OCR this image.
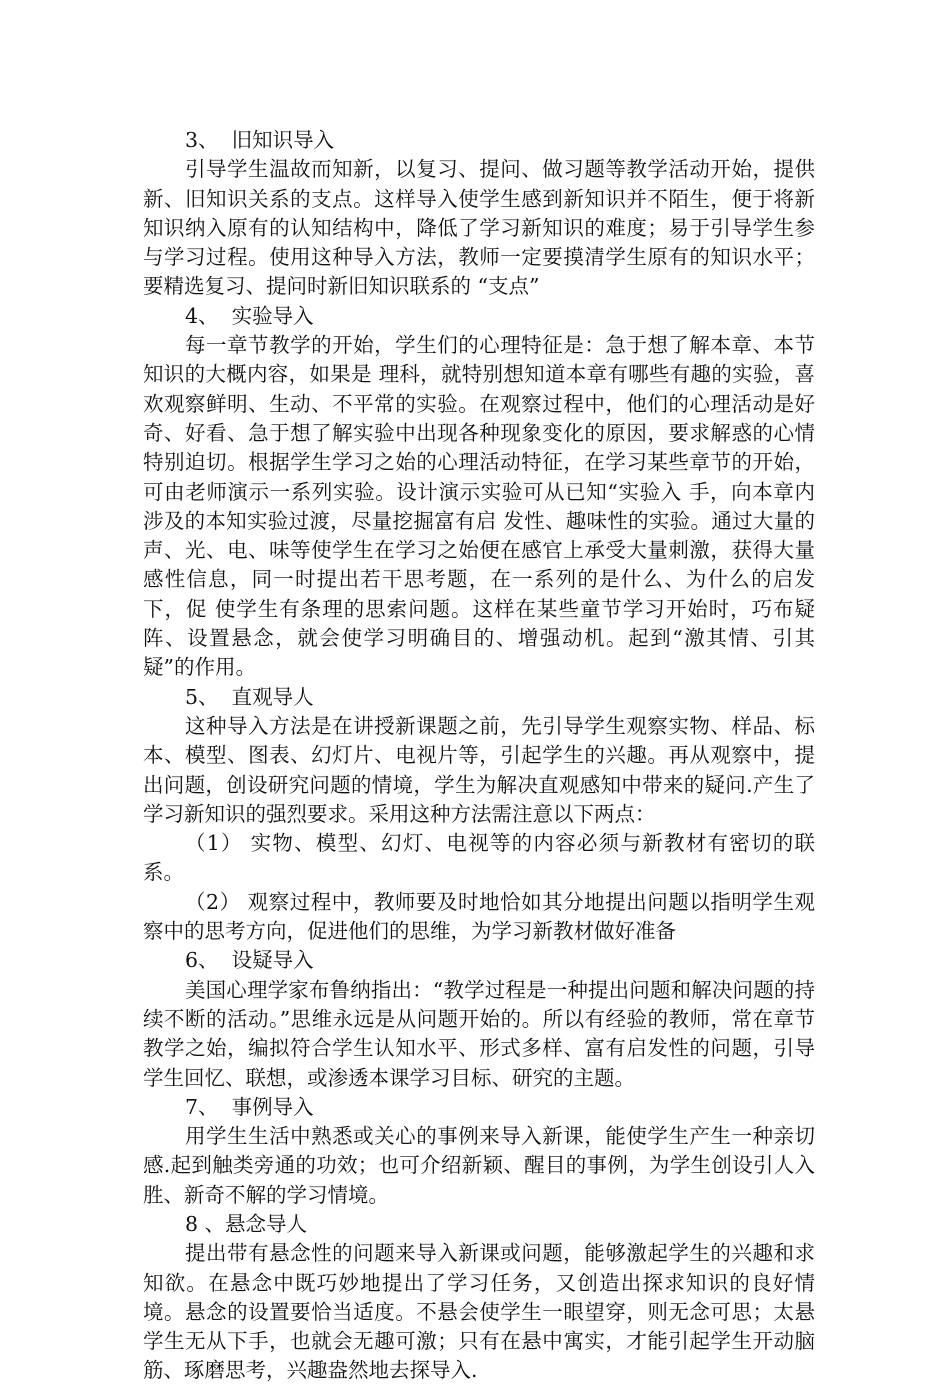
3、  旧知识导入

引导学生温故而知新，以复习、提问、做习题等教学活动开始，提供新、旧知识关系的支点。这样导入使学生感到新知识并不陌生，便于将新知识纳入原有的认知结构中，降低了学习新知识的难度；易于引导学生参与学习过程。使用这种导入方法，教师一定要摸清学生原有的知识水平；要精选复习、提问时新旧知识联系的 “支点”

4、  实验导入

每一章节教学的开始，学生们的心理特征是：急于想了解本章、本节知识的大概内容，如果是 理科，就特别想知道本章有哪些有趣的实验，喜欢观察鲜明、生动、不平常的实验。在观察过程中，他们的心理活动是好奇、好看、急于想了解实验中出现各种现象变化的原因，要求解惑的心情特别迫切。根据学生学习之始的心理活动特征，在学习某些章节的开始，可由老师演示一系列实验。设计演示实验可从已知“实验入 手，向本章内涉及的本知实验过渡，尽量挖掘富有启 发性、趣味性的实验。通过大量的声、光、电、味等使学生在学习之始便在感官上承受大量刺激，获得大量感性信息，同一时提出若干思考题，在一系列的是什么、为什么的启发下，促 使学生有条理的思索问题。这样在某些童节学习开始时，巧布疑阵、设置悬念，就会使学习明确目的、增强动机。起到“激其情、引其疑”的作用。

5、  直观导人

这种导入方法是在讲授新课题之前，先引导学生观察实物、样品、标本、模型、图表、幻灯片、电视片等，引起学生的兴趣。再从观察中，提出问题，创设研究问题的情境，学生为解决直观感知中带来的疑问.产生了学习新知识的强烈要求。采用这种方法需注意以下两点：

（1） 实物、模型、幻灯、电视等的内容必须与新教材有密切的联系。

（2） 观察过程中，教师要及时地恰如其分地提出问题以指明学生观察中的思考方向，促进他们的思维，为学习新教材做好准备

6、  设疑导入

美国心理学家布鲁纳指出：“教学过程是一种提出问题和解决问题的持续不断的活动。”思维永远是从问题开始的。所以有经验的教师，常在章节教学之始，编拟符合学生认知水平、形式多样、富有启发性的问题，引导学生回忆、联想，或渗透本课学习目标、研究的主题。

7、  事例导入

用学生生活中熟悉或关心的事例来导入新课，能使学生产生一种亲切感.起到触类旁通的功效；也可介绍新颖、醒目的事例，为学生创设引人入胜、新奇不解的学习情境。

8 、悬念导人

提出带有悬念性的问题来导入新课或问题，能够激起学生的兴趣和求知欲。在悬念中既巧妙地提出了学习任务，又创造出探求知识的良好情境。悬念的设置要恰当适度。不悬会使学生一眼望穿，则无念可思；太悬学生无从下手，也就会无趣可激；只有在悬中寓实，才能引起学生开动脑筋、琢磨思考，兴趣盎然地去探导入.
